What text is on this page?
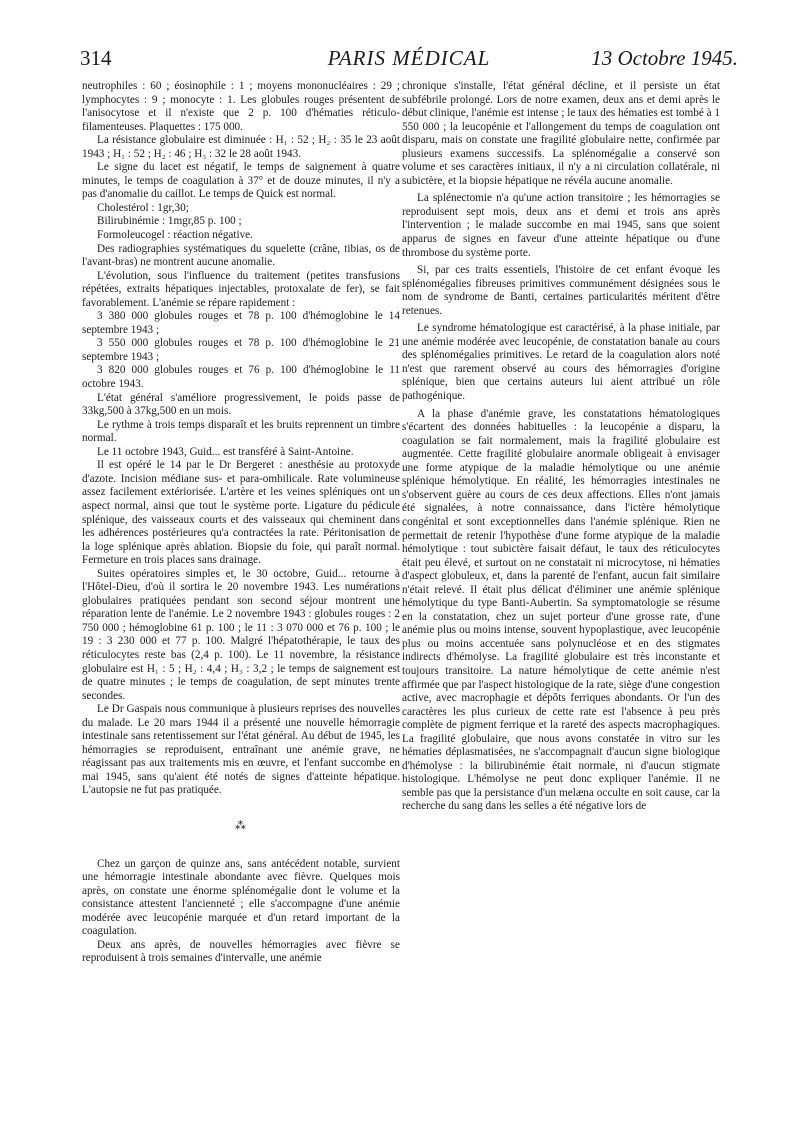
314	PARIS MÉDICAL	13 Octobre 1945.

neutrophiles : 60 ; éosinophile : 1 ; moyens mononucléaires : 29 ; lymphocytes : 9 ; monocyte : 1. Les globules rouges présentent de l'anisocytose et il n'existe que 2 p. 100 d'hématies réticulo-filamenteuses. Plaquettes : 175 000.

La résistance globulaire est diminuée : H₁ : 52 ; H₂ : 35 le 23 août 1943 ; H₁ : 52 ; H₂ : 46 ; H₃ : 32 le 28 août 1943.

Le signe du lacet est négatif, le temps de saignement à quatre minutes, le temps de coagulation à 37° et de douze minutes, il n'y a pas d'anomalie du caillot. Le temps de Quick est normal.

Cholestérol : 1gr,30;

Bilirubinémie : 1mgr,85 p. 100 ;

Formoleucogel : réaction négative.

Des radiographies systématiques du squelette (crâne, tibias, os de l'avant-bras) ne montrent aucune anomalie.

L'évolution, sous l'influence du traitement (petites transfusions répétées, extraits hépatiques injectables, protoxalate de fer), se fait favorablement. L'anémie se répare rapidement :

3 380 000 globules rouges et 78 p. 100 d'hémoglobine le 14 septembre 1943 ;

3 550 000 globules rouges et 78 p. 100 d'hémoglobine le 21 septembre 1943 ;

3 820 000 globules rouges et 76 p. 100 d'hémoglobine le 11 octobre 1943.

L'état général s'améliore progressivement, le poids passe de 33kg,500 à 37kg,500 en un mois.

Le rythme à trois temps disparaît et les bruits reprennent un timbre normal.

Le 11 octobre 1943, Guid... est transféré à Saint-Antoine.

Il est opéré le 14 par le Dr Bergeret : anesthésie au protoxyde d'azote. Incision médiane sus- et para-ombilicale. Rate volumineuse assez facilement extériorisée. L'artère et les veines spléniques ont un aspect normal, ainsi que tout le système porte. Ligature du pédicule splénique, des vaisseaux courts et des vaisseaux qui cheminent dans les adhérences postérieures qu'a contractées la rate. Péritonisation de la loge splénique après ablation. Biopsie du foie, qui paraît normal. Fermeture en trois places sans drainage.

Suites opératoires simples et, le 30 octobre, Guid... retourne à l'Hôtel-Dieu, d'où il sortira le 20 novembre 1943. Les numérations globulaires pratiquées pendant son second séjour montrent une réparation lente de l'anémie. Le 2 novembre 1943 : globules rouges : 2 750 000 ; hémoglobine 61 p. 100 ; le 11 : 3 070 000 et 76 p. 100 ; le 19 : 3 230 000 et 77 p. 100. Malgré l'hépatothérapie, le taux des réticulocytes reste bas (2,4 p. 100). Le 11 novembre, la résistance globulaire est H₁ : 5 ; H₂ : 4,4 ; H₃ : 3,2 ; le temps de saignement est de quatre minutes ; le temps de coagulation, de sept minutes trente secondes.

Le Dr Gaspais nous communique à plusieurs reprises des nouvelles du malade. Le 20 mars 1944 il a présenté une nouvelle hémorragie intestinale sans retentissement sur l'état général. Au début de 1945, les hémorragies se reproduisent, entraînant une anémie grave, ne réagissant pas aux traitements mis en œuvre, et l'enfant succombe en mai 1945, sans qu'aient été notés de signes d'atteinte hépatique. L'autopsie ne fut pas pratiquée.

⁂

Chez un garçon de quinze ans, sans antécédent notable, survient une hémorragie intestinale abondante avec fièvre. Quelques mois après, on constate une énorme splénomégalie dont le volume et la consistance attestent l'ancienneté ; elle s'accompagne d'une anémie modérée avec leucopénie marquée et d'un retard important de la coagulation.

Deux ans après, de nouvelles hémorragies avec fièvre se reproduisent à trois semaines d'intervalle, une anémie

chronique s'installe, l'état général décline, et il persiste un état subfébrile prolongé. Lors de notre examen, deux ans et demi après le début clinique, l'anémie est intense ; le taux des hématies est tombé à 1 550 000 ; la leucopénie et l'allongement du temps de coagulation ont disparu, mais on constate une fragilité globulaire nette, confirmée par plusieurs examens successifs. La splénomégalie a conservé son volume et ses caractères initiaux, il n'y a ni circulation collatérale, ni subictère, et la biopsie hépatique ne révéla aucune anomalie.

La splénectomie n'a qu'une action transitoire ; les hémorragies se reproduisent sept mois, deux ans et demi et trois ans après l'intervention ; le malade succombe en mai 1945, sans que soient apparus de signes en faveur d'une atteinte hépatique ou d'une thrombose du système porte.

Si, par ces traits essentiels, l'histoire de cet enfant évoque les splénomégalies fibreuses primitives communément désignées sous le nom de syndrome de Banti, certaines particularités méritent d'être retenues.

Le syndrome hématologique est caractérisé, à la phase initiale, par une anémie modérée avec leucopénie, de constatation banale au cours des splénomégalies primitives. Le retard de la coagulation alors noté n'est que rarement observé au cours des hémorragies d'origine splénique, bien que certains auteurs lui aient attribué un rôle pathogénique.

A la phase d'anémie grave, les constatations hématologiques s'écartent des données habituelles : la leucopénie a disparu, la coagulation se fait normalement, mais la fragilité globulaire est augmentée. Cette fragilité globulaire anormale obligeait à envisager une forme atypique de la maladie hémolytique ou une anémie splénique hémolytique. En réalité, les hémorragies intestinales ne s'observent guère au cours de ces deux affections. Elles n'ont jamais été signalées, à notre connaissance, dans l'ictère hémolytique congénital et sont exceptionnelles dans l'anémie splénique. Rien ne permettait de retenir l'hypothèse d'une forme atypique de la maladie hémolytique : tout subictère faisait défaut, le taux des réticulocytes était peu élevé, et surtout on ne constatait ni microcytose, ni hématies d'aspect globuleux, et, dans la parenté de l'enfant, aucun fait similaire n'était relevé. Il était plus délicat d'éliminer une anémie splénique hémolytique du type Banti-Aubertin. Sa symptomatologie se résume en la constatation, chez un sujet porteur d'une grosse rate, d'une anémie plus ou moins intense, souvent hypoplastique, avec leucopénie plus ou moins accentuée sans polynucléose et en des stigmates indirects d'hémolyse. La fragilité globulaire est très inconstante et toujours transitoire. La nature hémolytique de cette anémie n'est affirmée que par l'aspect histologique de la rate, siège d'une congestion active, avec macrophagie et dépôts ferriques abondants. Or l'un des caractères les plus curieux de cette rate est l'absence à peu près complète de pigment ferrique et la rareté des aspects macrophagiques. La fragilité globulaire, que nous avons constatée in vitro sur les hématies déplasmatisées, ne s'accompagnait d'aucun signe biologique d'hémolyse : la bilirubinémie était normale, ni d'aucun stigmate histologique. L'hémolyse ne peut donc expliquer l'anémie. Il ne semble pas que la persistance d'un melæna occulte en soit cause, car la recherche du sang dans les selles a été négative lors de
